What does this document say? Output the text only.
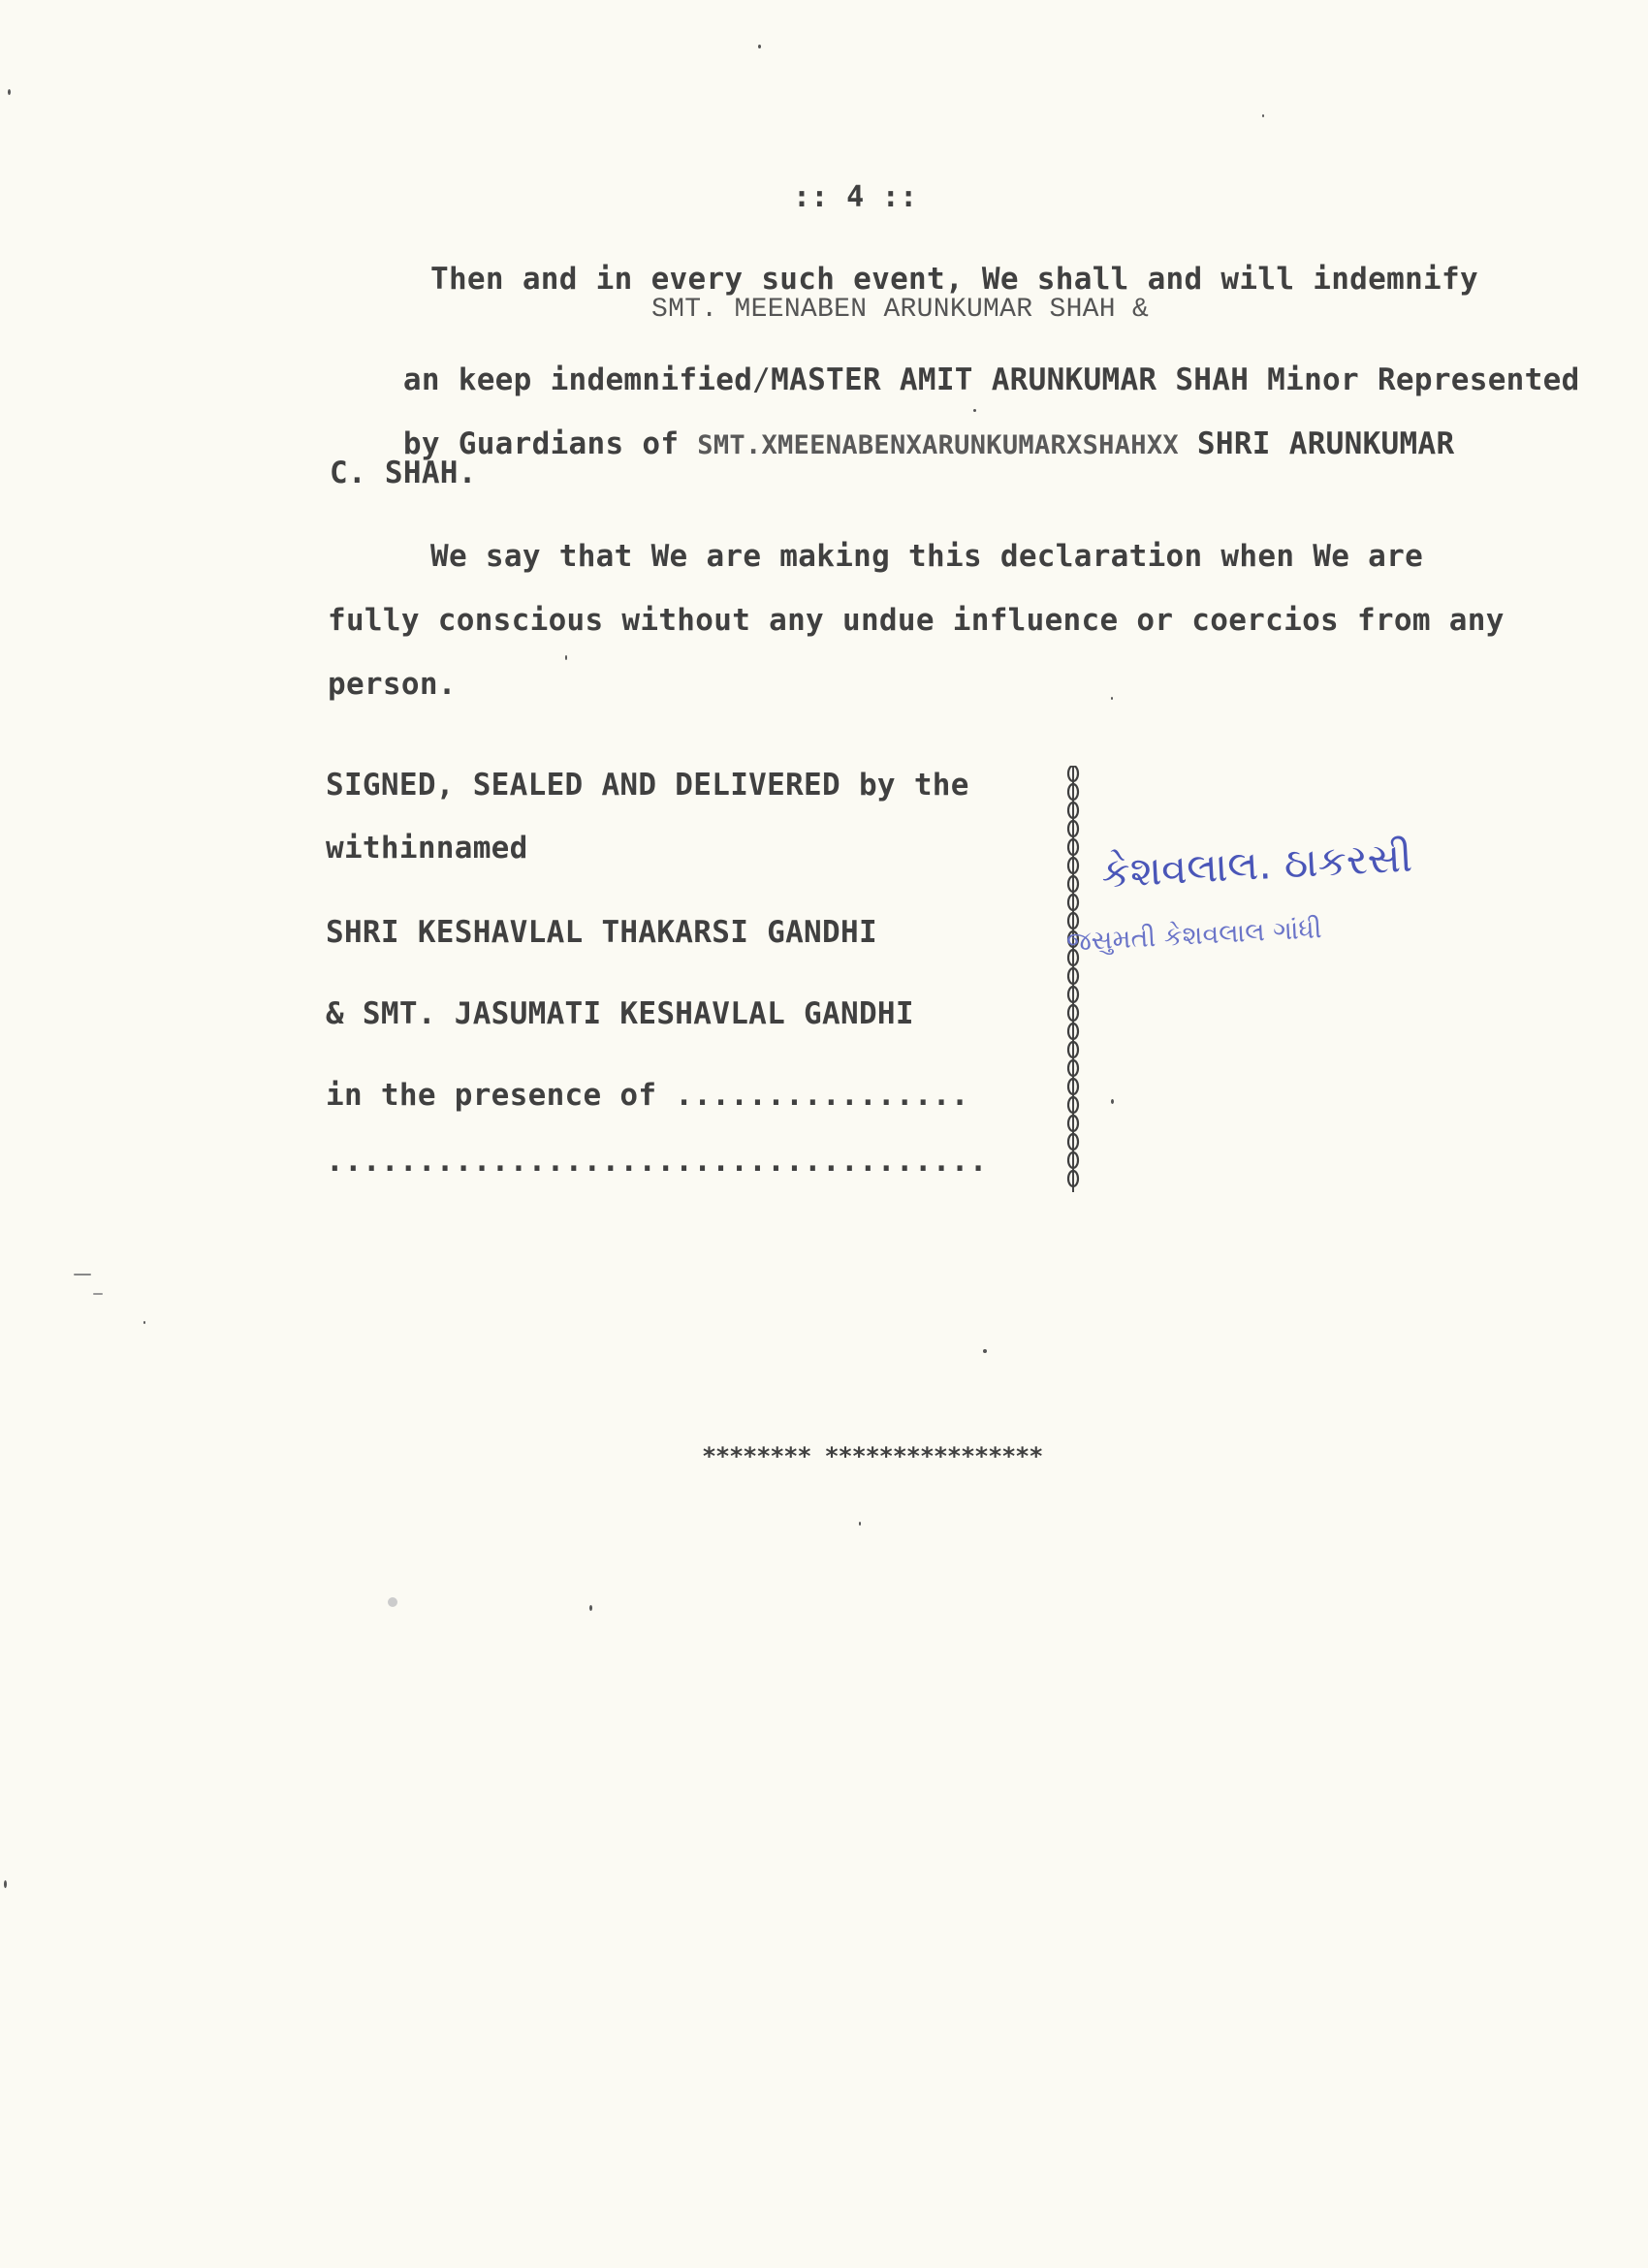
:: 4 ::
Then and in every such event, We shall and will indemnify
SMT. MEENABEN ARUNKUMAR SHAH &

an keep indemnified/MASTER AMIT ARUNKUMAR SHAH Minor Represented

by Guardians of SMT.XMEENABENXARUNKUMARXSHAHXX SHRI ARUNKUMAR

C. SHAH.
We say that We are making this declaration when We are
fully conscious without any undue influence or coercios from any
person.
SIGNED, SEALED AND DELIVERED by the
withinnamed
SHRI KESHAVLAL THAKARSI GANDHI
& SMT. JASUMATI KESHAVLAL GANDHI
in the presence of ................
....................................
કેશવલાલ. ઠાકરસી
જસુમતી કેશવલાલ ગાંધી
******** ****************
